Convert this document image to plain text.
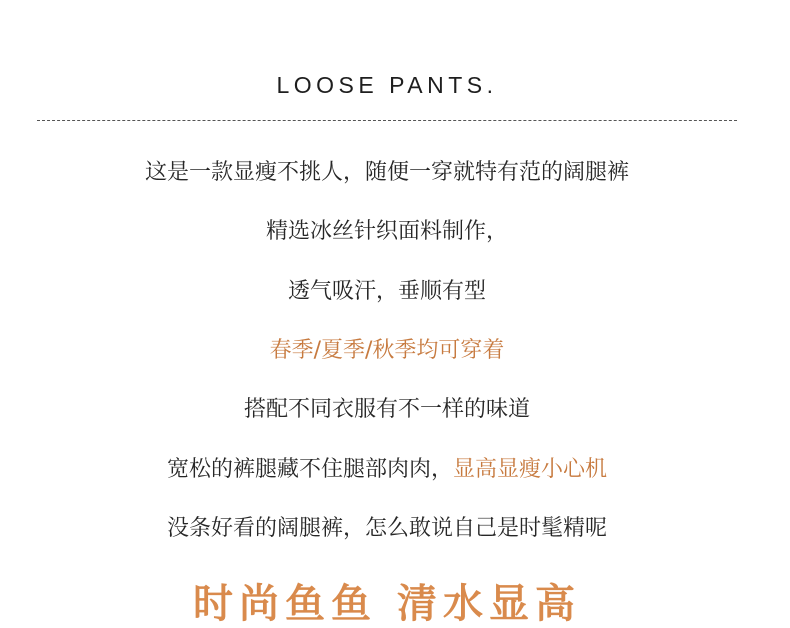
LOOSE PANTS.
这是一款显瘦不挑人，随便一穿就特有范的阔腿裤
精选冰丝针织面料制作，
透气吸汗，垂顺有型
春季/夏季/秋季均可穿着
搭配不同衣服有不一样的味道
宽松的裤腿藏不住腿部肉肉，显高显瘦小心机
没条好看的阔腿裤，怎么敢说自己是时髦精呢
时尚鱼鱼 清水显高
